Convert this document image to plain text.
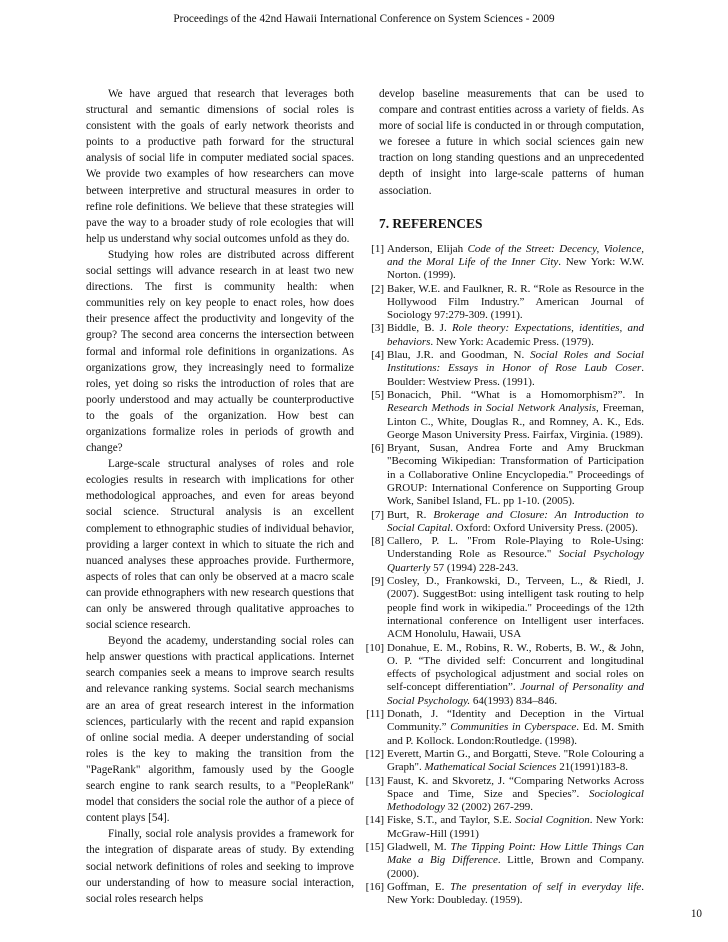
Proceedings of the 42nd Hawaii International Conference on System Sciences - 2009

We have argued that research that leverages both structural and semantic dimensions of social roles is consistent with the goals of early network theorists and points to a productive path forward for the structural analysis of social life in computer mediated social spaces. We provide two examples of how researchers can move between interpretive and structural measures in order to refine role definitions. We believe that these strategies will pave the way to a broader study of role ecologies that will help us understand why social outcomes unfold as they do.

Studying how roles are distributed across different social settings will advance research in at least two new directions. The first is community health: when communities rely on key people to enact roles, how does their presence affect the productivity and longevity of the group? The second area concerns the intersection between formal and informal role definitions in organizations. As organizations grow, they increasingly need to formalize roles, yet doing so risks the introduction of roles that are poorly understood and may actually be counterproductive to the goals of the organization. How best can organizations formalize roles in periods of growth and change?

Large-scale structural analyses of roles and role ecologies results in research with implications for other methodological approaches, and even for areas beyond social science. Structural analysis is an excellent complement to ethnographic studies of individual behavior, providing a larger context in which to situate the rich and nuanced analyses these approaches provide. Furthermore, aspects of roles that can only be observed at a macro scale can provide ethnographers with new research questions that can only be answered through qualitative approaches to social science research.

Beyond the academy, understanding social roles can help answer questions with practical applications. Internet search companies seek a means to improve search results and relevance ranking systems. Social search mechanisms are an area of great research interest in the information sciences, particularly with the recent and rapid expansion of online social media. A deeper understanding of social roles is the key to making the transition from the "PageRank" algorithm, famously used by the Google search engine to rank search results, to a "PeopleRank" model that considers the social role the author of a piece of content plays [54].

Finally, social role analysis provides a framework for the integration of disparate areas of study. By extending social network definitions of roles and seeking to improve our understanding of how to measure social interaction, social roles research helps

develop baseline measurements that can be used to compare and contrast entities across a variety of fields. As more of social life is conducted in or through computation, we foresee a future in which social sciences gain new traction on long standing questions and an unprecedented depth of insight into large-scale patterns of human association.

7. REFERENCES
[1] Anderson, Elijah Code of the Street: Decency, Violence, and the Moral Life of the Inner City. New York: W.W. Norton. (1999).
[2] Baker, W.E. and Faulkner, R. R. “Role as Resource in the Hollywood Film Industry.” American Journal of Sociology 97:279-309. (1991).
[3] Biddle, B. J. Role theory: Expectations, identities, and behaviors. New York: Academic Press. (1979).
[4] Blau, J.R. and Goodman, N. Social Roles and Social Institutions: Essays in Honor of Rose Laub Coser. Boulder: Westview Press. (1991).
[5] Bonacich, Phil. “What is a Homomorphism?”. In Research Methods in Social Network Analysis, Freeman, Linton C., White, Douglas R., and Romney, A. K., Eds. George Mason University Press. Fairfax, Virginia. (1989).
[6] Bryant, Susan, Andrea Forte and Amy Bruckman "Becoming Wikipedian: Transformation of Participation in a Collaborative Online Encyclopedia." Proceedings of GROUP: International Conference on Supporting Group Work, Sanibel Island, FL. pp 1-10. (2005).
[7] Burt, R. Brokerage and Closure: An Introduction to Social Capital. Oxford: Oxford University Press. (2005).
[8] Callero, P. L. "From Role-Playing to Role-Using: Understanding Role as Resource." Social Psychology Quarterly 57 (1994) 228-243.
[9] Cosley, D., Frankowski, D., Terveen, L., & Riedl, J. (2007). SuggestBot: using intelligent task routing to help people find work in wikipedia." Proceedings of the 12th international conference on Intelligent user interfaces. ACM Honolulu, Hawaii, USA
[10] Donahue, E. M., Robins, R. W., Roberts, B. W., & John, O. P. “The divided self: Concurrent and longitudinal effects of psychological adjustment and social roles on self-concept differentiation”. Journal of Personality and Social Psychology. 64(1993) 834–846.
[11] Donath, J. “Identity and Deception in the Virtual Community.” Communities in Cyberspace. Ed. M. Smith and P. Kollock. London:Routledge. (1998).
[12] Everett, Martin G., and Borgatti, Steve. "Role Colouring a Graph". Mathematical Social Sciences 21(1991)183-8.
[13] Faust, K. and Skvoretz, J. “Comparing Networks Across Space and Time, Size and Species”. Sociological Methodology 32 (2002) 267-299.
[14] Fiske, S.T., and Taylor, S.E. Social Cognition. New York: McGraw-Hill (1991)
[15] Gladwell, M. The Tipping Point: How Little Things Can Make a Big Difference. Little, Brown and Company. (2000).
[16] Goffman, E. The presentation of self in everyday life. New York: Doubleday. (1959).
10
